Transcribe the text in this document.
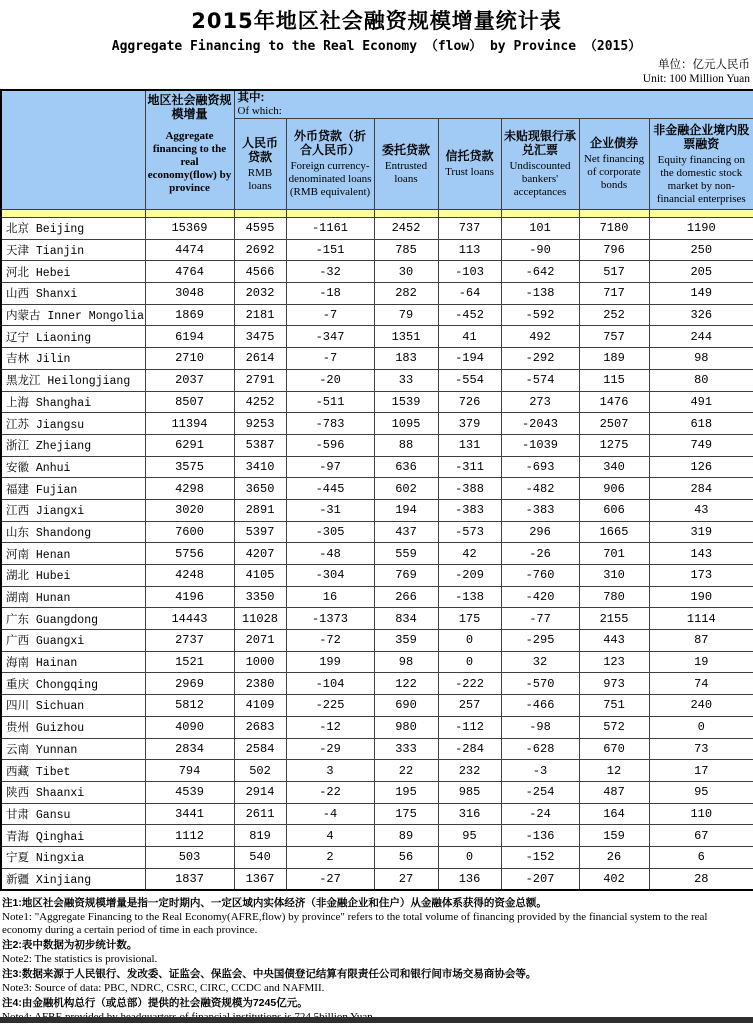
2015年地区社会融资规模增量统计表
Aggregate Financing to the Real Economy （flow） by Province （2015）
单位：亿元人民币
Unit: 100 Million Yuan

地区社会融资规模增量
Aggregate financing to the real economy(flow) by province

其中:
Of which:

人民币贷款
RMB loans

外币贷款（折合人民币）
Foreign currency-denominated loans (RMB equivalent)

委托贷款
Entrusted loans

信托贷款
Trust loans

未贴现银行承兑汇票
Undiscounted bankers' acceptances

企业债券
Net financing of corporate bonds

非金融企业境内股票融资
Equity financing on the domestic stock market by non-financial enterprises

北京 Beijing	15369	4595	-1161	2452	737	101	7180	1190
天津 Tianjin	4474	2692	-151	785	113	-90	796	250
河北 Hebei	4764	4566	-32	30	-103	-642	517	205
山西 Shanxi	3048	2032	-18	282	-64	-138	717	149
内蒙古 Inner Mongolia	1869	2181	-7	79	-452	-592	252	326
辽宁 Liaoning	6194	3475	-347	1351	41	492	757	244
吉林 Jilin	2710	2614	-7	183	-194	-292	189	98
黑龙江 Heilongjiang	2037	2791	-20	33	-554	-574	115	80
上海 Shanghai	8507	4252	-511	1539	726	273	1476	491
江苏 Jiangsu	11394	9253	-783	1095	379	-2043	2507	618
浙江 Zhejiang	6291	5387	-596	88	131	-1039	1275	749
安徽 Anhui	3575	3410	-97	636	-311	-693	340	126
福建 Fujian	4298	3650	-445	602	-388	-482	906	284
江西 Jiangxi	3020	2891	-31	194	-383	-383	606	43
山东 Shandong	7600	5397	-305	437	-573	296	1665	319
河南 Henan	5756	4207	-48	559	42	-26	701	143
湖北 Hubei	4248	4105	-304	769	-209	-760	310	173
湖南 Hunan	4196	3350	16	266	-138	-420	780	190
广东 Guangdong	14443	11028	-1373	834	175	-77	2155	1114
广西 Guangxi	2737	2071	-72	359	0	-295	443	87
海南 Hainan	1521	1000	199	98	0	32	123	19
重庆 Chongqing	2969	2380	-104	122	-222	-570	973	74
四川 Sichuan	5812	4109	-225	690	257	-466	751	240
贵州 Guizhou	4090	2683	-12	980	-112	-98	572	0
云南 Yunnan	2834	2584	-29	333	-284	-628	670	73
西藏 Tibet	794	502	3	22	232	-3	12	17
陕西 Shaanxi	4539	2914	-22	195	985	-254	487	95
甘肃 Gansu	3441	2611	-4	175	316	-24	164	110
青海 Qinghai	1112	819	4	89	95	-136	159	67
宁夏 Ningxia	503	540	2	56	0	-152	26	6
新疆 Xinjiang	1837	1367	-27	27	136	-207	402	28
注1:地区社会融资规模增量是指一定时期内、一定区域内实体经济（非金融企业和住户）从金融体系获得的资金总额。
Note1: "Aggregate Financing to the Real Economy(AFRE,flow) by province" refers to the total volume of financing provided by the financial system to the real economy during a certain period of time in each province.
注2:表中数据为初步统计数。
Note2: The statistics is provisional.
注3:数据来源于人民银行、发改委、证监会、保监会、中央国债登记结算有限责任公司和银行间市场交易商协会等。
Note3: Source of data: PBC, NDRC, CSRC, CIRC, CCDC and NAFMII.
注4:由金融机构总行（或总部）提供的社会融资规模为7245亿元。
